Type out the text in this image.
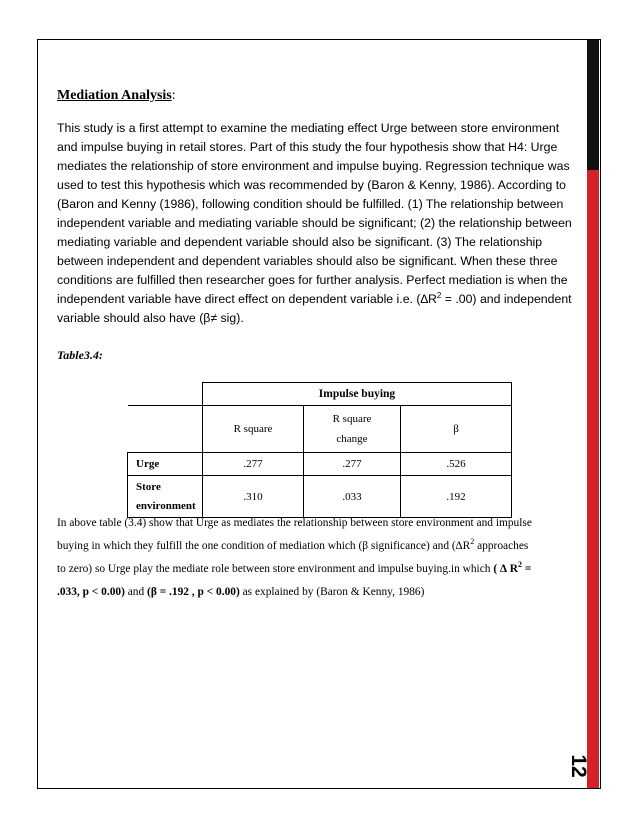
12
Mediation Analysis:
This study is a first attempt to examine the mediating effect Urge between store environment
and impulse buying in retail stores. Part of this study the four hypothesis show that H4: Urge
mediates the relationship of store environment and impulse buying. Regression technique was
used to test this hypothesis which was recommended by (Baron & Kenny, 1986). According to
(Baron and Kenny (1986), following condition should be fulfilled. (1) The relationship between
independent variable and mediating variable should be significant; (2) the relationship between
mediating variable and dependent variable should also be significant. (3) The relationship
between independent and dependent variables should also be significant. When these three
conditions are fulfilled then researcher goes for further analysis. Perfect mediation is when the
independent variable have direct effect on dependent variable i.e. $(\Delta R^2 = .00)$ and independent
variable should also have (β≠ sig).
Table3.4:
	Impulse buying		
	R square	R square change	β
Urge	.277	.277	.526
Store environment	.310	.033	.192
In above table (3.4) show that Urge as mediates the relationship between store environment and impulse
buying in which they fulfill the one condition of mediation which (β significance) and ($\Delta R^2$ approaches
to zero) so Urge play the mediate role between store environment and impulse buying.in which ( ∆ $R^2$ =
.033, p < 0.00) and (β = .192 , p < 0.00) as explained by (Baron & Kenny, 1986)
